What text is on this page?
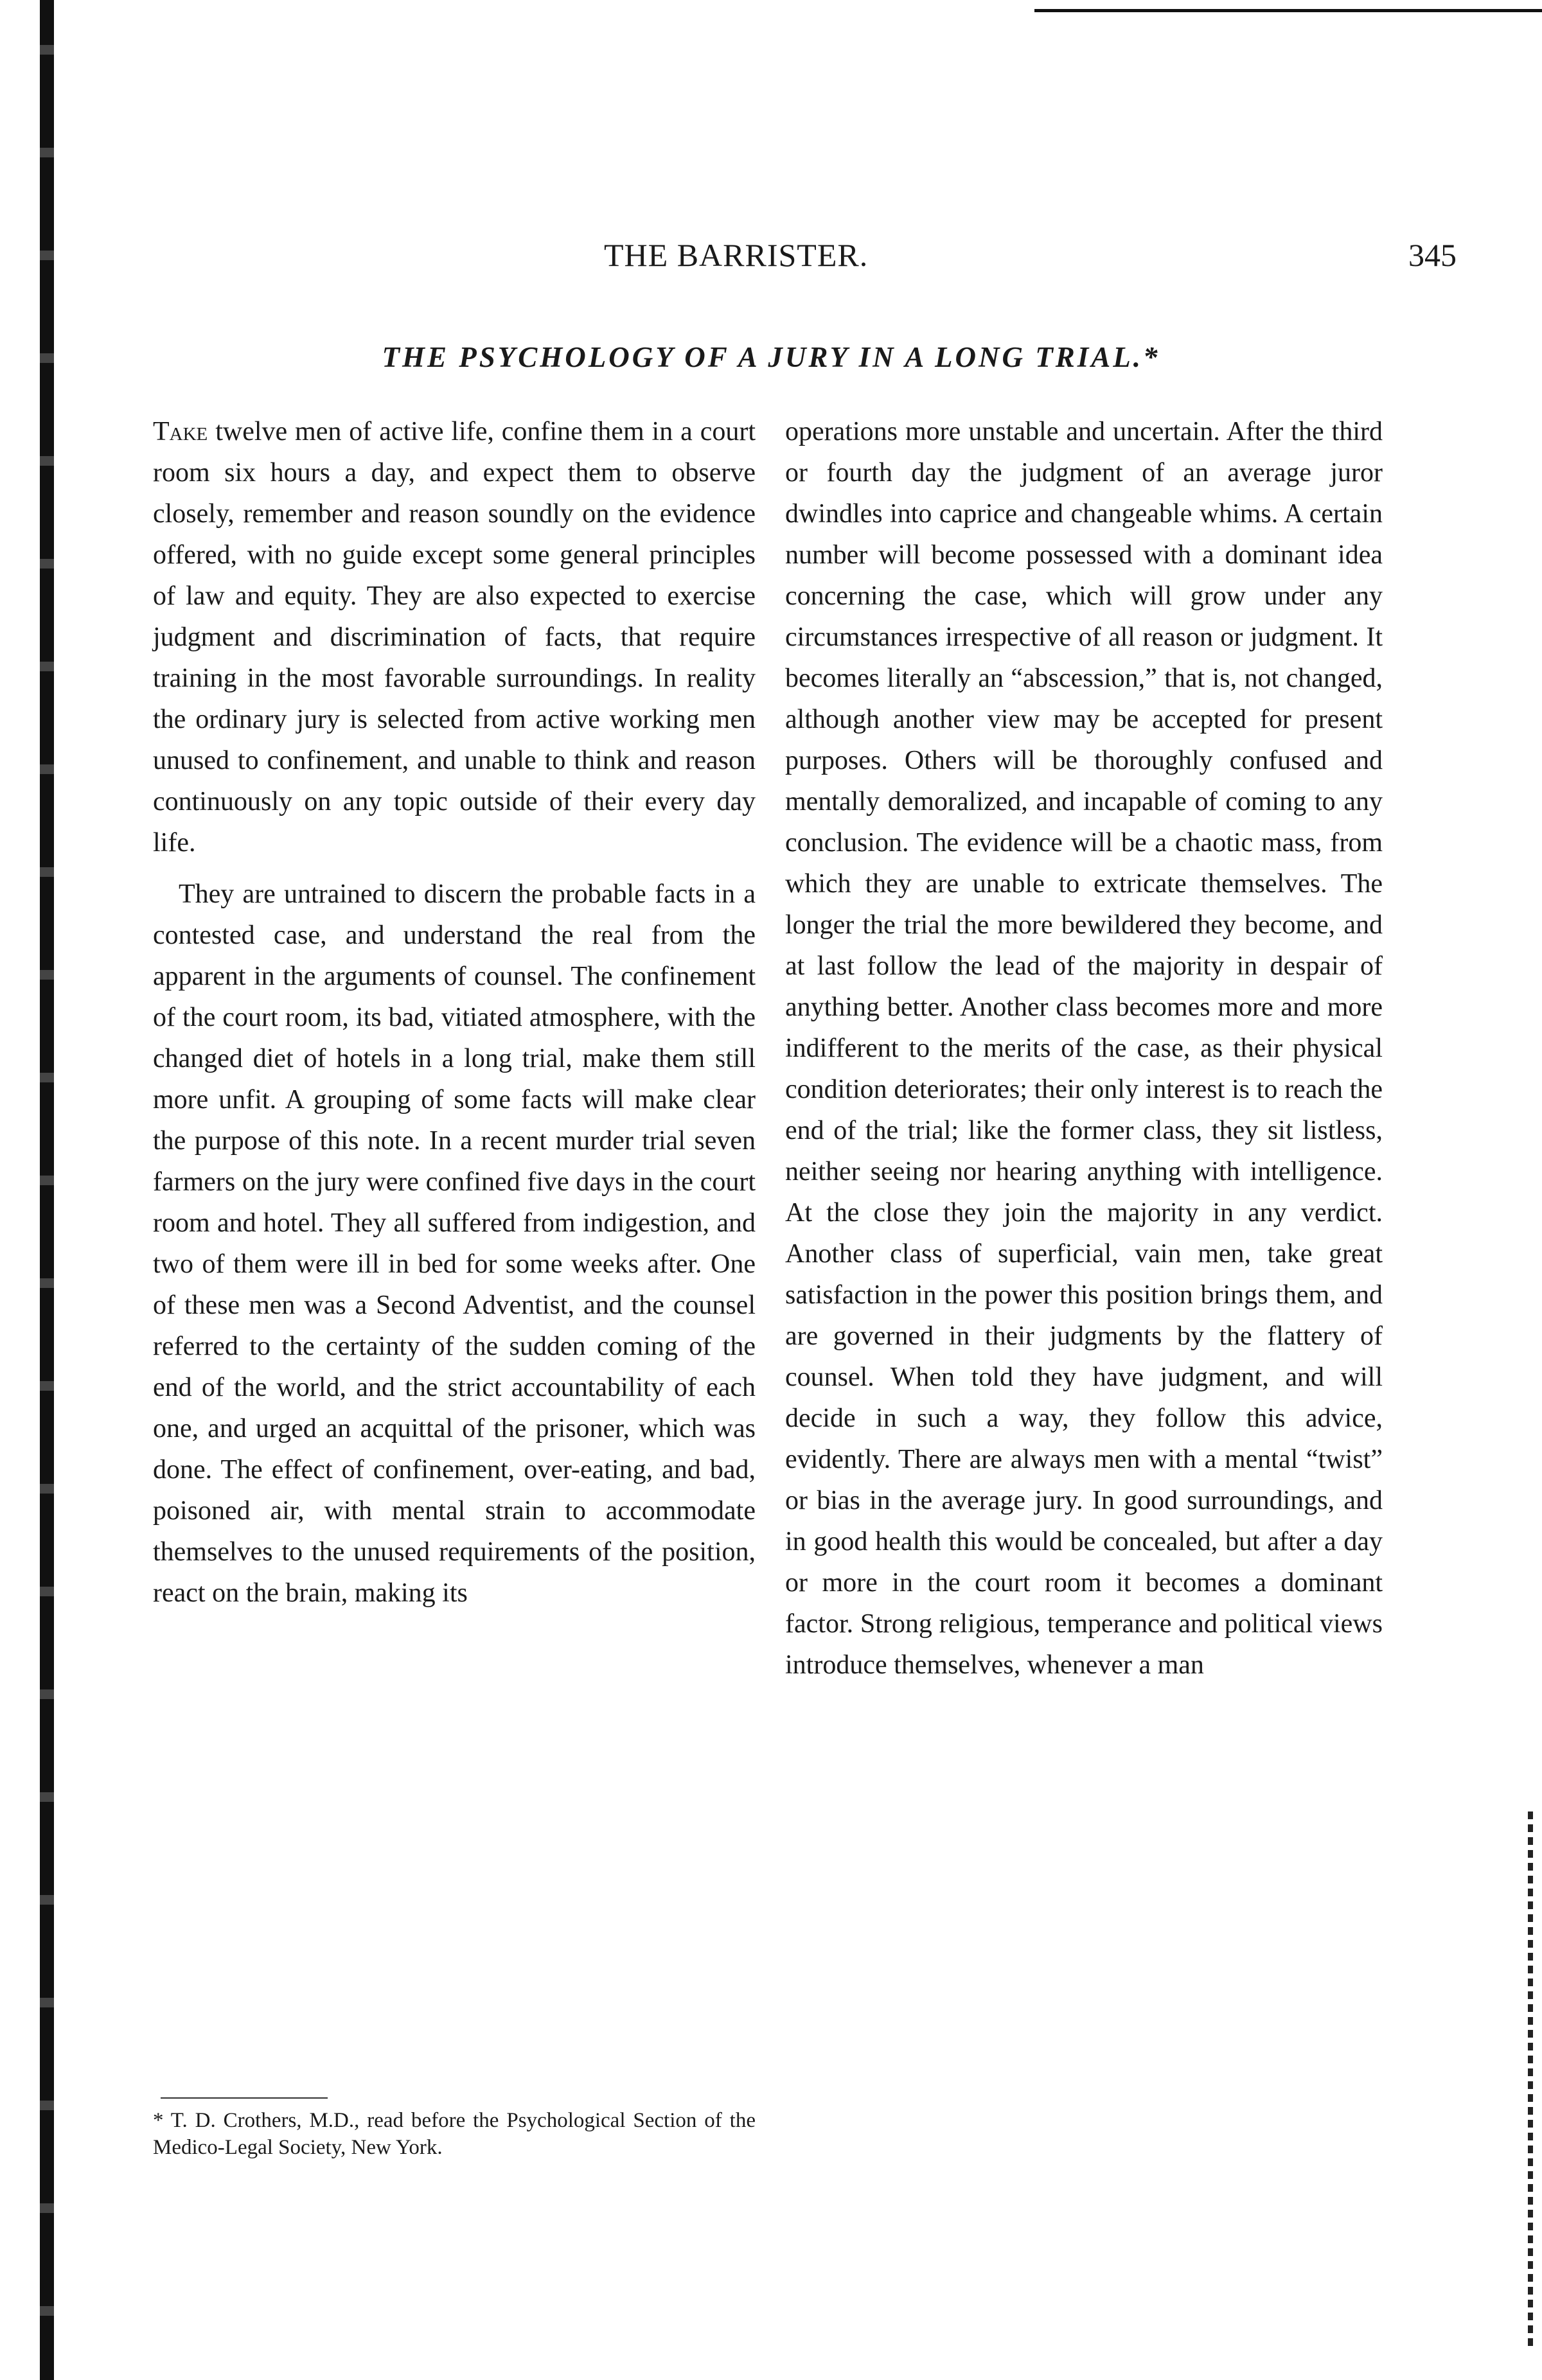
THE BARRISTER.	345
THE PSYCHOLOGY OF A JURY IN A LONG TRIAL.*

Take twelve men of active life, confine them in a court room six hours a day, and expect them to observe closely, remember and reason soundly on the evidence offered, with no guide except some general principles of law and equity. They are also expected to exercise judgment and discrimination of facts, that require training in the most favorable surroundings. In reality the ordinary jury is selected from active working men unused to confinement, and unable to think and reason continuously on any topic outside of their every day life.

They are untrained to discern the probable facts in a contested case, and understand the real from the apparent in the arguments of counsel. The confinement of the court room, its bad, vitiated atmosphere, with the changed diet of hotels in a long trial, make them still more unfit. A grouping of some facts will make clear the purpose of this note. In a recent murder trial seven farmers on the jury were confined five days in the court room and hotel. They all suffered from indigestion, and two of them were ill in bed for some weeks after. One of these men was a Second Adventist, and the counsel referred to the certainty of the sudden coming of the end of the world, and the strict accountability of each one, and urged an acquittal of the prisoner, which was done. The effect of confinement, over-eating, and bad, poisoned air, with mental strain to accommodate themselves to the unused requirements of the position, react on the brain, making its

operations more unstable and uncertain. After the third or fourth day the judgment of an average juror dwindles into caprice and changeable whims. A certain number will become possessed with a dominant idea concerning the case, which will grow under any circumstances irrespective of all reason or judgment. It becomes literally an “abscession,” that is, not changed, although another view may be accepted for present purposes. Others will be thoroughly confused and mentally demoralized, and incapable of coming to any conclusion. The evidence will be a chaotic mass, from which they are unable to extricate themselves. The longer the trial the more bewildered they become, and at last follow the lead of the majority in despair of anything better. Another class becomes more and more indifferent to the merits of the case, as their physical condition deteriorates; their only interest is to reach the end of the trial; like the former class, they sit listless, neither seeing nor hearing anything with intelligence. At the close they join the majority in any verdict. Another class of superficial, vain men, take great satisfaction in the power this position brings them, and are governed in their judgments by the flattery of counsel. When told they have judgment, and will decide in such a way, they follow this advice, evidently. There are always men with a mental “twist” or bias in the average jury. In good surroundings, and in good health this would be concealed, but after a day or more in the court room it becomes a dominant factor. Strong religious, temperance and political views introduce themselves, whenever a man

* T. D. Crothers, M.D., read before the Psychological Section of the Medico-Legal Society, New York.
